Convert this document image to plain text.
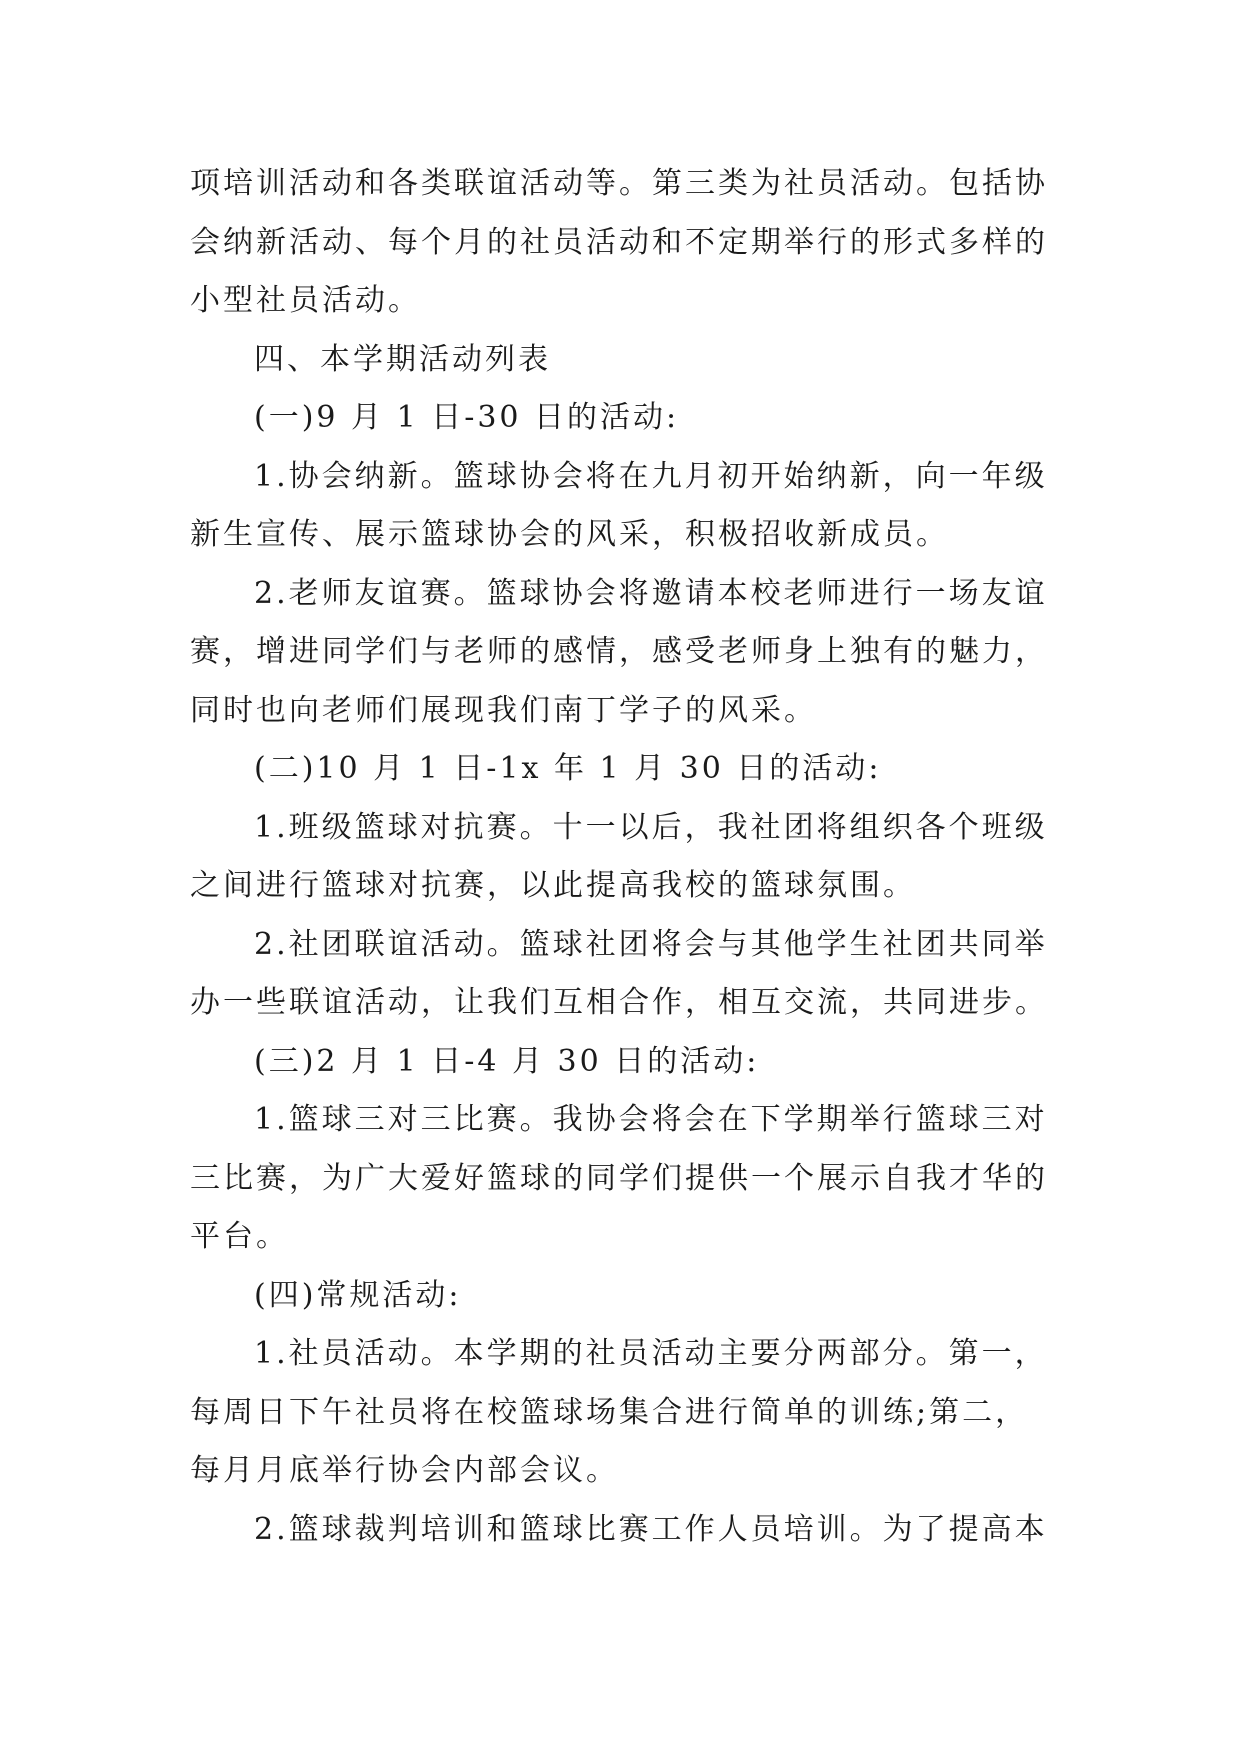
项培训活动和各类联谊活动等。第三类为社员活动。包括协
会纳新活动、每个月的社员活动和不定期举行的形式多样的
小型社员活动。
四、本学期活动列表
(一)9 月 1 日-30 日的活动:
1.协会纳新。篮球协会将在九月初开始纳新，向一年级
新生宣传、展示篮球协会的风采，积极招收新成员。
2.老师友谊赛。篮球协会将邀请本校老师进行一场友谊
赛，增进同学们与老师的感情，感受老师身上独有的魅力，
同时也向老师们展现我们南丁学子的风采。
(二)10 月 1 日-1x 年 1 月 30 日的活动:
1.班级篮球对抗赛。十一以后，我社团将组织各个班级
之间进行篮球对抗赛，以此提高我校的篮球氛围。
2.社团联谊活动。篮球社团将会与其他学生社团共同举
办一些联谊活动，让我们互相合作，相互交流，共同进步。
(三)2 月 1 日-4 月 30 日的活动:
1.篮球三对三比赛。我协会将会在下学期举行篮球三对
三比赛，为广大爱好篮球的同学们提供一个展示自我才华的
平台。
(四)常规活动:
1.社员活动。本学期的社员活动主要分两部分。第一，
每周日下午社员将在校篮球场集合进行简单的训练;第二，
每月月底举行协会内部会议。
2.篮球裁判培训和篮球比赛工作人员培训。为了提高本
